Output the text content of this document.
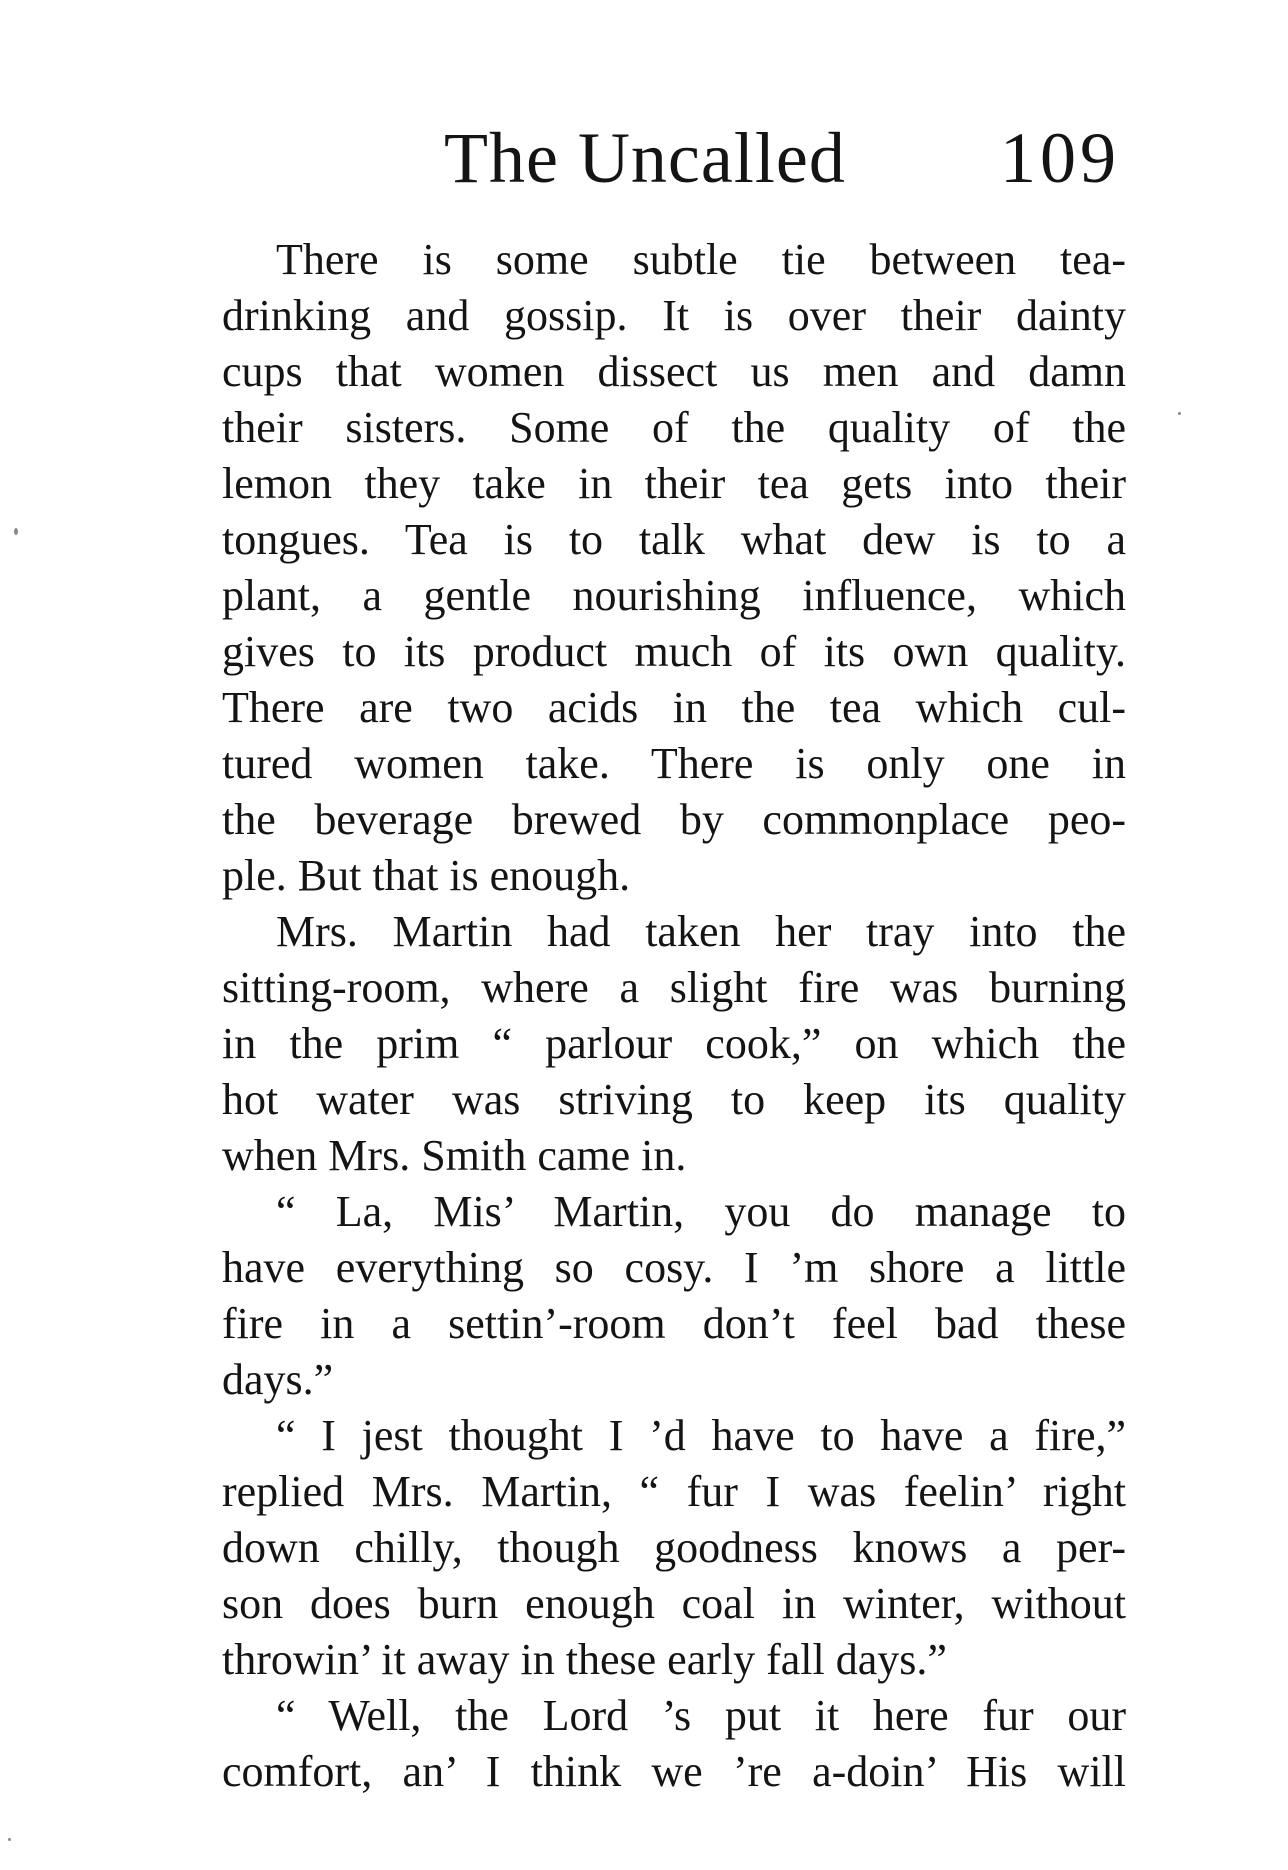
The Uncalled 109
There is some subtle tie between tea-
drinking and gossip. It is over their dainty
cups that women dissect us men and damn
their sisters. Some of the quality of the
lemon they take in their tea gets into their
tongues. Tea is to talk what dew is to a
plant, a gentle nourishing influence, which
gives to its product much of its own quality.
There are two acids in the tea which cul-
tured women take. There is only one in
the beverage brewed by commonplace peo-
ple. But that is enough.
Mrs. Martin had taken her tray into the
sitting-room, where a slight fire was burning
in the prim “ parlour cook,” on which the
hot water was striving to keep its quality
when Mrs. Smith came in.
“ La, Mis’ Martin, you do manage to
have everything so cosy. I ’m shore a little
fire in a settin’-room don’t feel bad these
days.”
“ I jest thought I ’d have to have a fire,”
replied Mrs. Martin, “ fur I was feelin’ right
down chilly, though goodness knows a per-
son does burn enough coal in winter, without
throwin’ it away in these early fall days.”
“ Well, the Lord ’s put it here fur our
comfort, an’ I think we ’re a-doin’ His will
